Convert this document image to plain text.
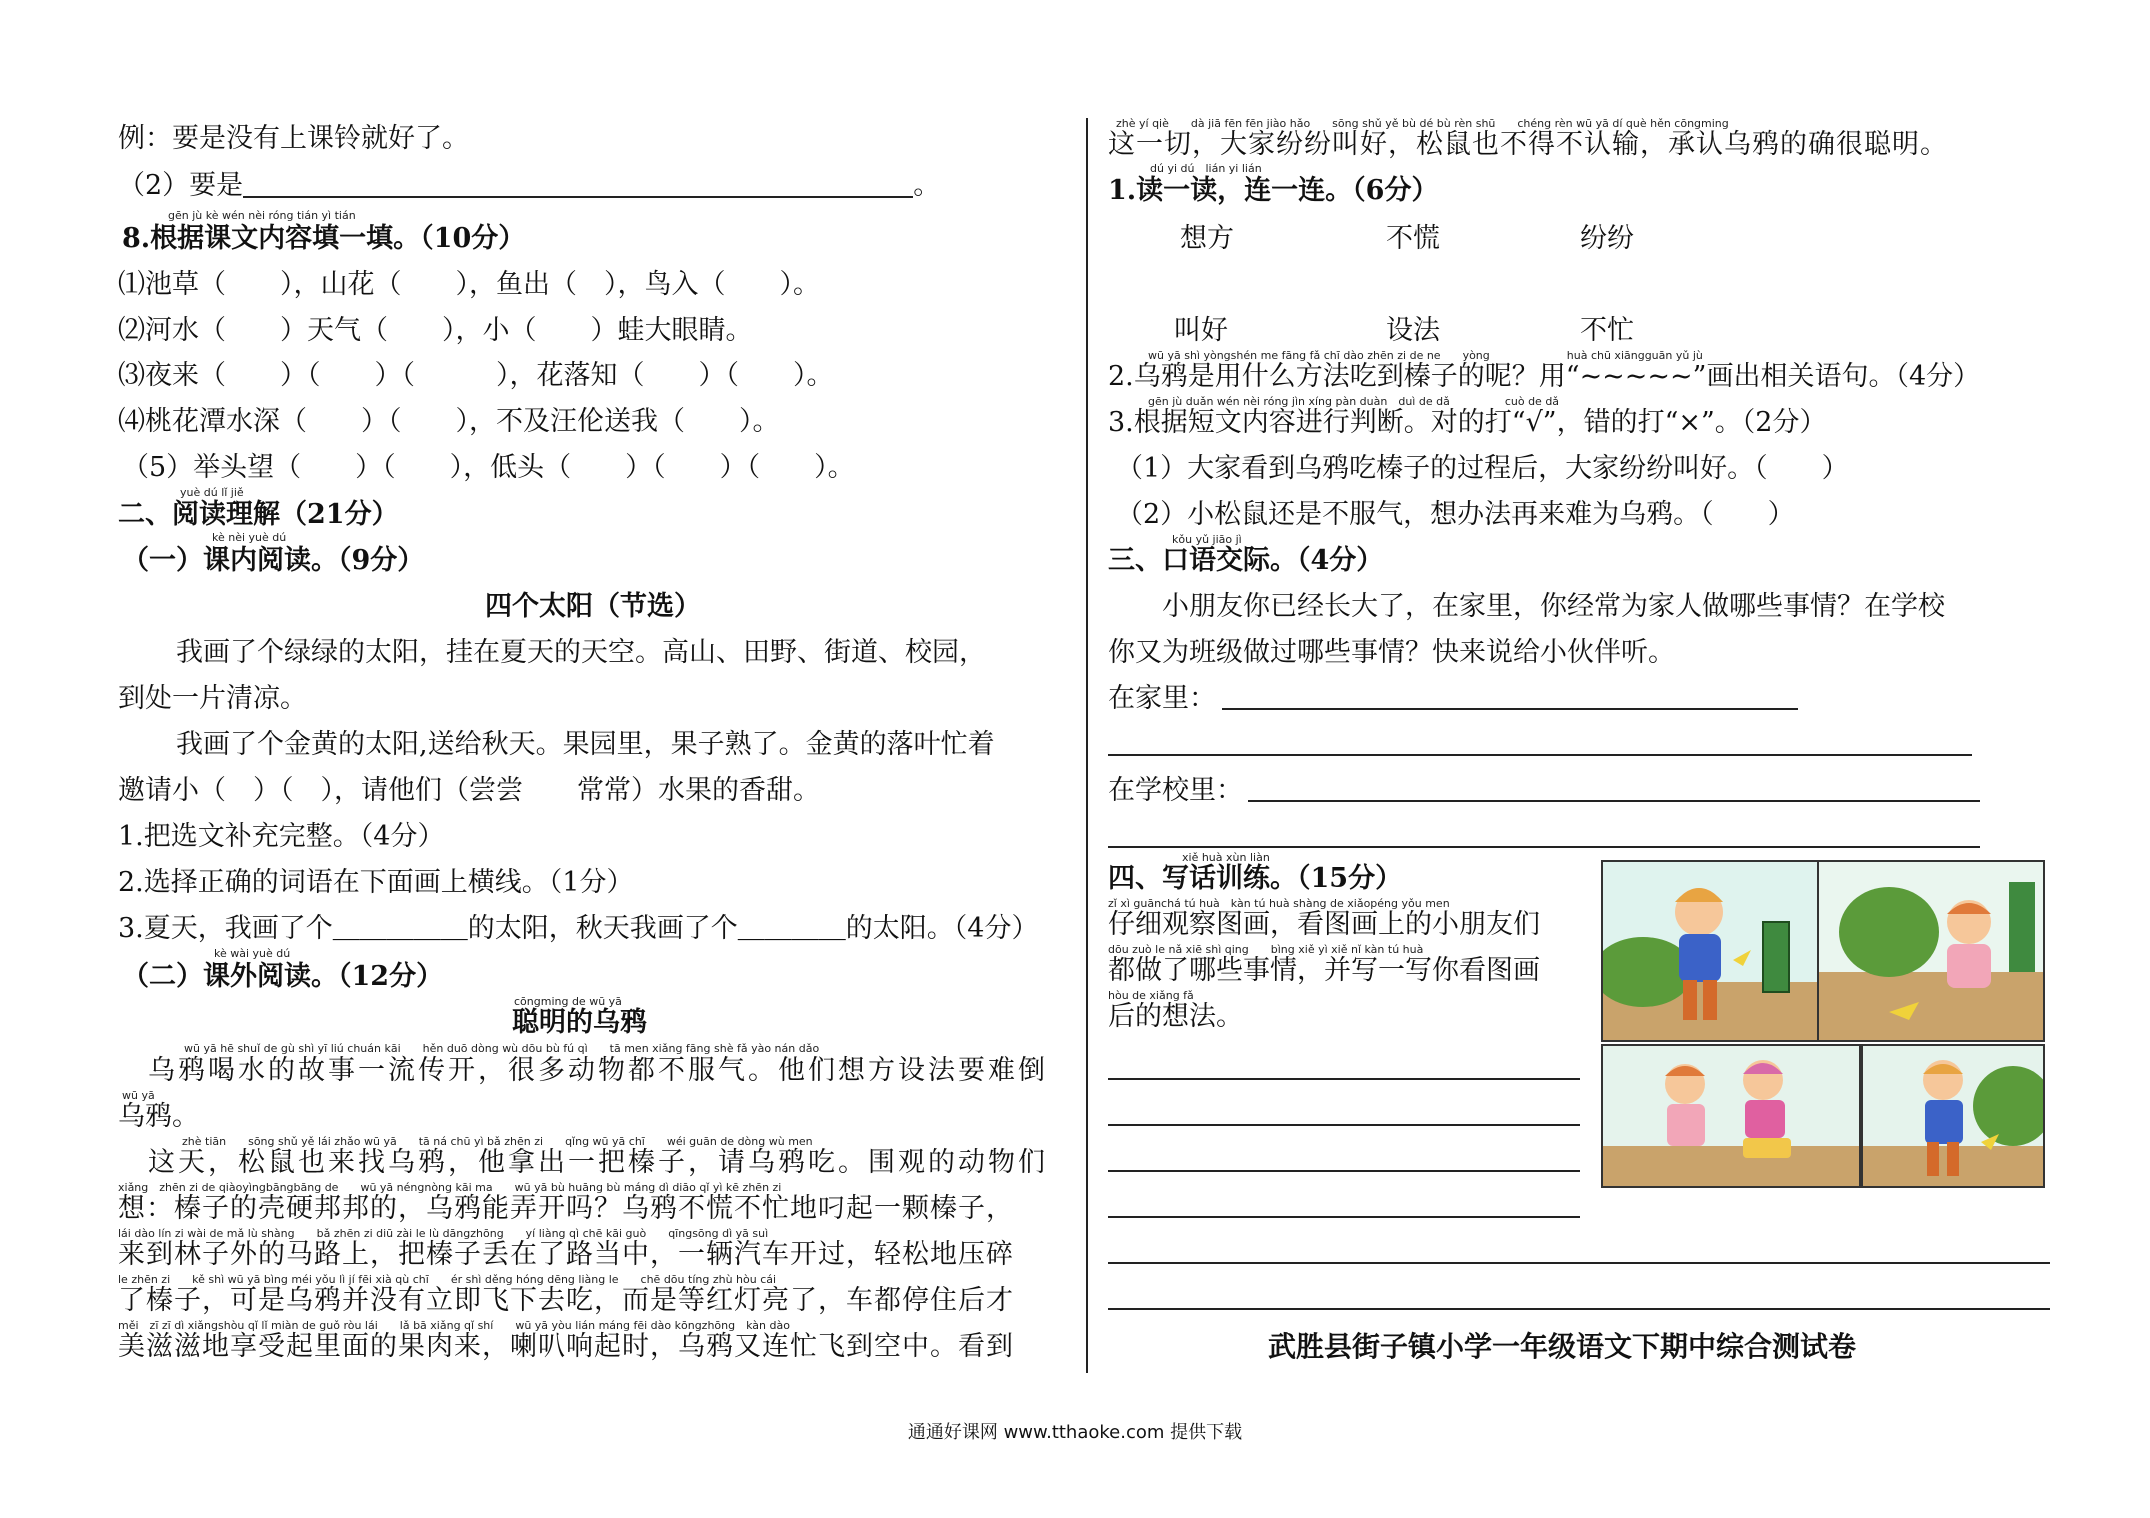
例：要是没有上课铃就好了。
（2）要是	。
gēn jù kè wén nèi róng tián yì tián
8.根据课文内容填一填。（10分）
⑴池草（　　），山花（　　），鱼出（　），鸟入（　　）。
⑵河水（　　）天气（　　），小（　　）蛙大眼睛。
⑶夜来（　　）（　　）（　　　），花落知（　　）（　　）。
⑷桃花潭水深（　　）（　　），不及汪伦送我（　　）。
（5）举头望（　　）（　　），低头（　　）（　　）（　　）。
yuè dú lǐ jiě
二、阅读理解（21分）
kè nèi yuè dú
（一）课内阅读。（9分）
四个太阳（节选）
我画了个绿绿的太阳，挂在夏天的天空。高山、田野、街道、校园，
到处一片清凉。
我画了个金黄的太阳,送给秋天。果园里，果子熟了。金黄的落叶忙着
邀请小（　）（　），请他们（尝尝　　常常）水果的香甜。
1.把选文补充完整。（4分）
2.选择正确的词语在下面画上横线。（1分）
3.夏天，我画了个＿＿＿＿＿的太阳，秋天我画了个＿＿＿＿的太阳。（4分）
kè wài yuè dú
（二）课外阅读。（12分）
cōngming de wū yā
聪明的乌鸦
wū yā hē shuǐ de gù shì yī liú chuán kāi　　hěn duō dòng wù dōu bù fú qì　　tā men xiǎng fāng shè fǎ yào nán dǎo
　乌鸦喝水的故事一流传开，很多动物都不服气。他们想方设法要难倒
wū yā
乌鸦。
zhè tiān　　sōng shǔ yě lái zhǎo wū yā　　tā ná chū yì bǎ zhēn zi　　qǐng wū yā chī　　wéi guān de dòng wù men
　这天，松鼠也来找乌鸦，他拿出一把榛子，请乌鸦吃。围观的动物们
xiǎng　zhēn zi de qiàoyìngbāngbāng de　　wū yā néngnòng kāi ma　　wū yā bù huāng bù máng dì diāo qǐ yì kē zhēn zi
想：榛子的壳硬邦邦的，乌鸦能弄开吗？乌鸦不慌不忙地叼起一颗榛子，
lái dào lín zi wài de mǎ lù shàng　　bǎ zhēn zi diū zài le lù dāngzhōng　　yí liàng qì chē kāi guò　　qīngsōng dì yā suì
来到林子外的马路上，把榛子丢在了路当中，一辆汽车开过，轻松地压碎
le zhēn zi　　kě shì wū yā bìng méi yǒu lì jí fēi xià qù chī　　ér shì děng hóng dēng liàng le　　chē dōu tíng zhù hòu cái
了榛子，可是乌鸦并没有立即飞下去吃，而是等红灯亮了，车都停住后才
měi　zī zī dì xiǎngshòu qǐ lǐ miàn de guǒ ròu lái　　lǎ bā xiǎng qǐ shí　　wū yā yòu lián máng fēi dào kōngzhōng　kàn dào
美滋滋地享受起里面的果肉来，喇叭响起时，乌鸦又连忙飞到空中。看到
zhè yí qiè　　dà jiā fēn fēn jiào hǎo　　sōng shǔ yě bù dé bù rèn shū　　chéng rèn wū yā dí què hěn cōngming
这一切，大家纷纷叫好，松鼠也不得不认输，承认乌鸦的确很聪明。
dú yi dú　lián yi lián
1.读一读，连一连。（6分）
想方	不慌	纷纷
叫好	设法	不忙
wū yā shì yòngshén me fāng fǎ chī dào zhēn zi de ne　　yòng　　　　　　　huà chū xiāngguān yǔ jù
2.乌鸦是用什么方法吃到榛子的呢？用“~~~~~”画出相关语句。（4分）
gēn jù duǎn wén nèi róng jìn xíng pàn duàn　duì de dǎ　　　　　cuò de dǎ
3.根据短文内容进行判断。对的打“√”，错的打“×”。（2分）
（1）大家看到乌鸦吃榛子的过程后，大家纷纷叫好。（　　）
（2）小松鼠还是不服气，想办法再来难为乌鸦。（　　）
kǒu yǔ jiāo jì
三、口语交际。（4分）
　　小朋友你已经长大了，在家里，你经常为家人做哪些事情？在学校
你又为班级做过哪些事情？快来说给小伙伴听。
在家里：
在学校里：
xiě huà xùn liàn
四、写话训练。（15分）
zǐ xì guānchá tú huà　kàn tú huà shàng de xiǎopéng yǒu men
仔细观察图画，看图画上的小朋友们
dōu zuò le nǎ xiē shì qing　　bìng xiě yì xiě nǐ kàn tú huà
都做了哪些事情，并写一写你看图画
hòu de xiǎng fǎ
后的想法。
武胜县街子镇小学一年级语文下期中综合测试卷
通通好课网 www.tthaoke.com 提供下载
